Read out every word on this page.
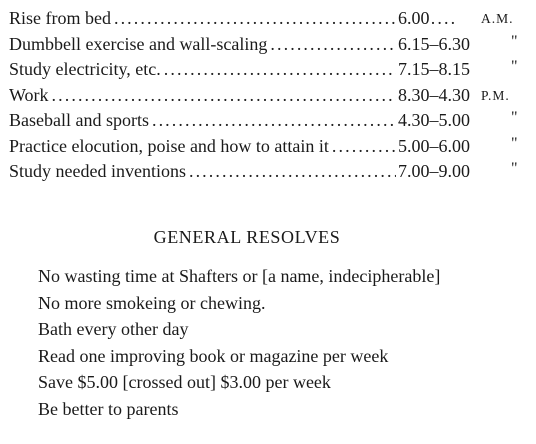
Rise from bed . . .	6.00	A.M.
Dumbbell exercise and wall-scaling . . .	6.15–6.30	"
Study electricity, etc. . . .	7.15–8.15	"
Work . . .	8.30–4.30 P.M.
Baseball and sports . . .	4.30–5.00	"
Practice elocution, poise and how to attain it . . .	5.00–6.00	"
Study needed inventions . . .	7.00–9.00	"
GENERAL RESOLVES
No wasting time at Shafters or [a name, indecipherable]
No more smokeing or chewing.
Bath every other day
Read one improving book or magazine per week
Save $5.00 [crossed out] $3.00 per week
Be better to parents
